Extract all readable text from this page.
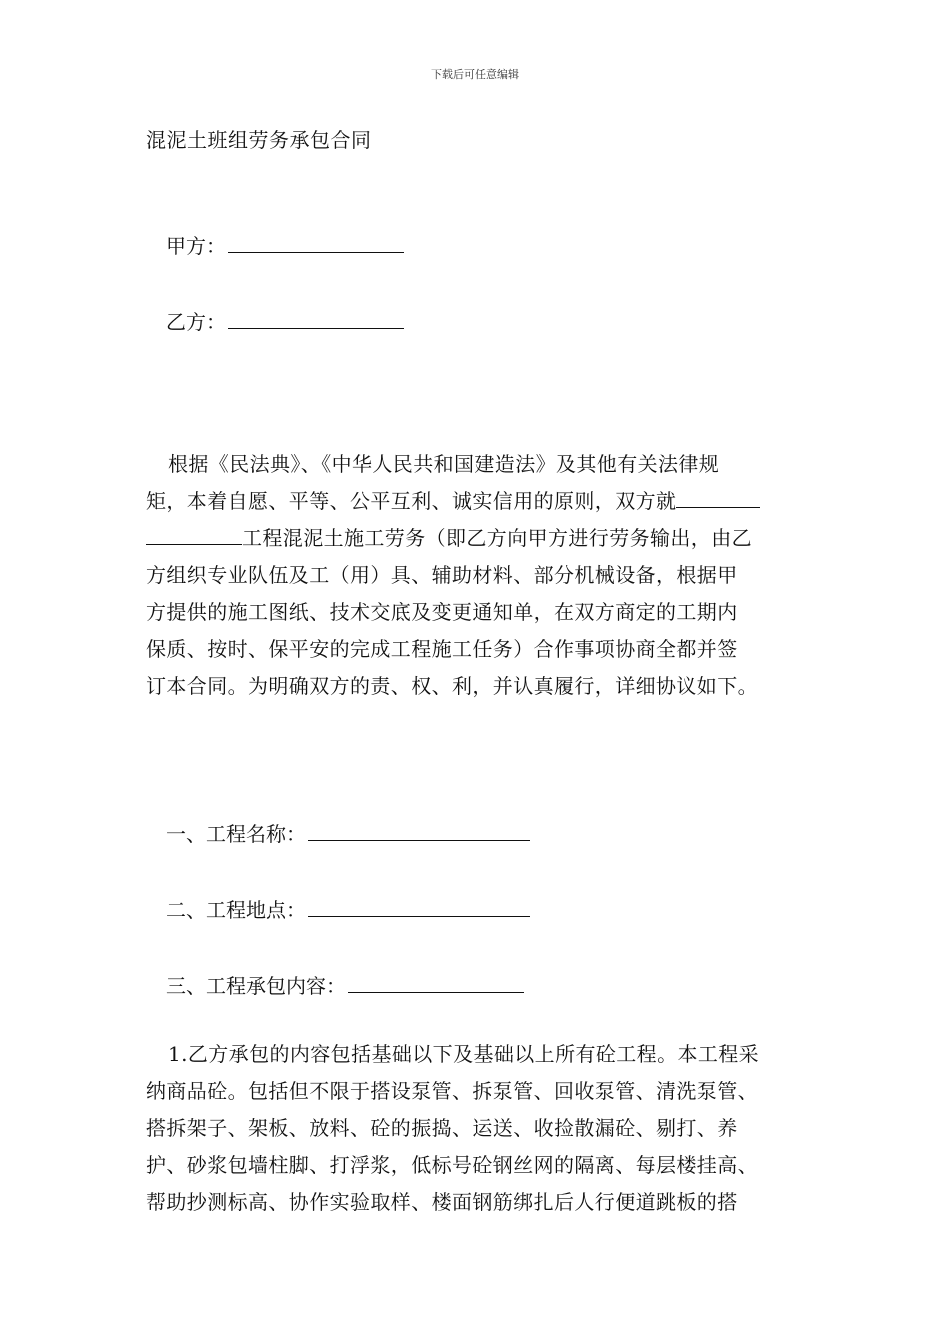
下载后可任意编辑
混泥土班组劳务承包合同
甲方：
乙方：
根据《民法典》、《中华人民共和国建造法》及其他有关法律规
矩，本着自愿、平等、公平互利、诚实信用的原则，双方就
工程混泥土施工劳务（即乙方向甲方进行劳务输出，由乙
方组织专业队伍及工（用）具、辅助材料、部分机械设备，根据甲
方提供的施工图纸、技术交底及变更通知单，在双方商定的工期内
保质、按时、保平安的完成工程施工任务）合作事项协商全都并签
订本合同。为明确双方的责、权、利，并认真履行，详细协议如下。
一、工程名称：
二、工程地点：
三、工程承包内容：
1.乙方承包的内容包括基础以下及基础以上所有砼工程。本工程采
纳商品砼。包括但不限于搭设泵管、拆泵管、回收泵管、清洗泵管、
搭拆架子、架板、放料、砼的振捣、运送、收捡散漏砼、剔打、养
护、砂浆包墙柱脚、打浮浆，低标号砼钢丝网的隔离、每层楼挂高、
帮助抄测标高、协作实验取样、楼面钢筋绑扎后人行便道跳板的搭
